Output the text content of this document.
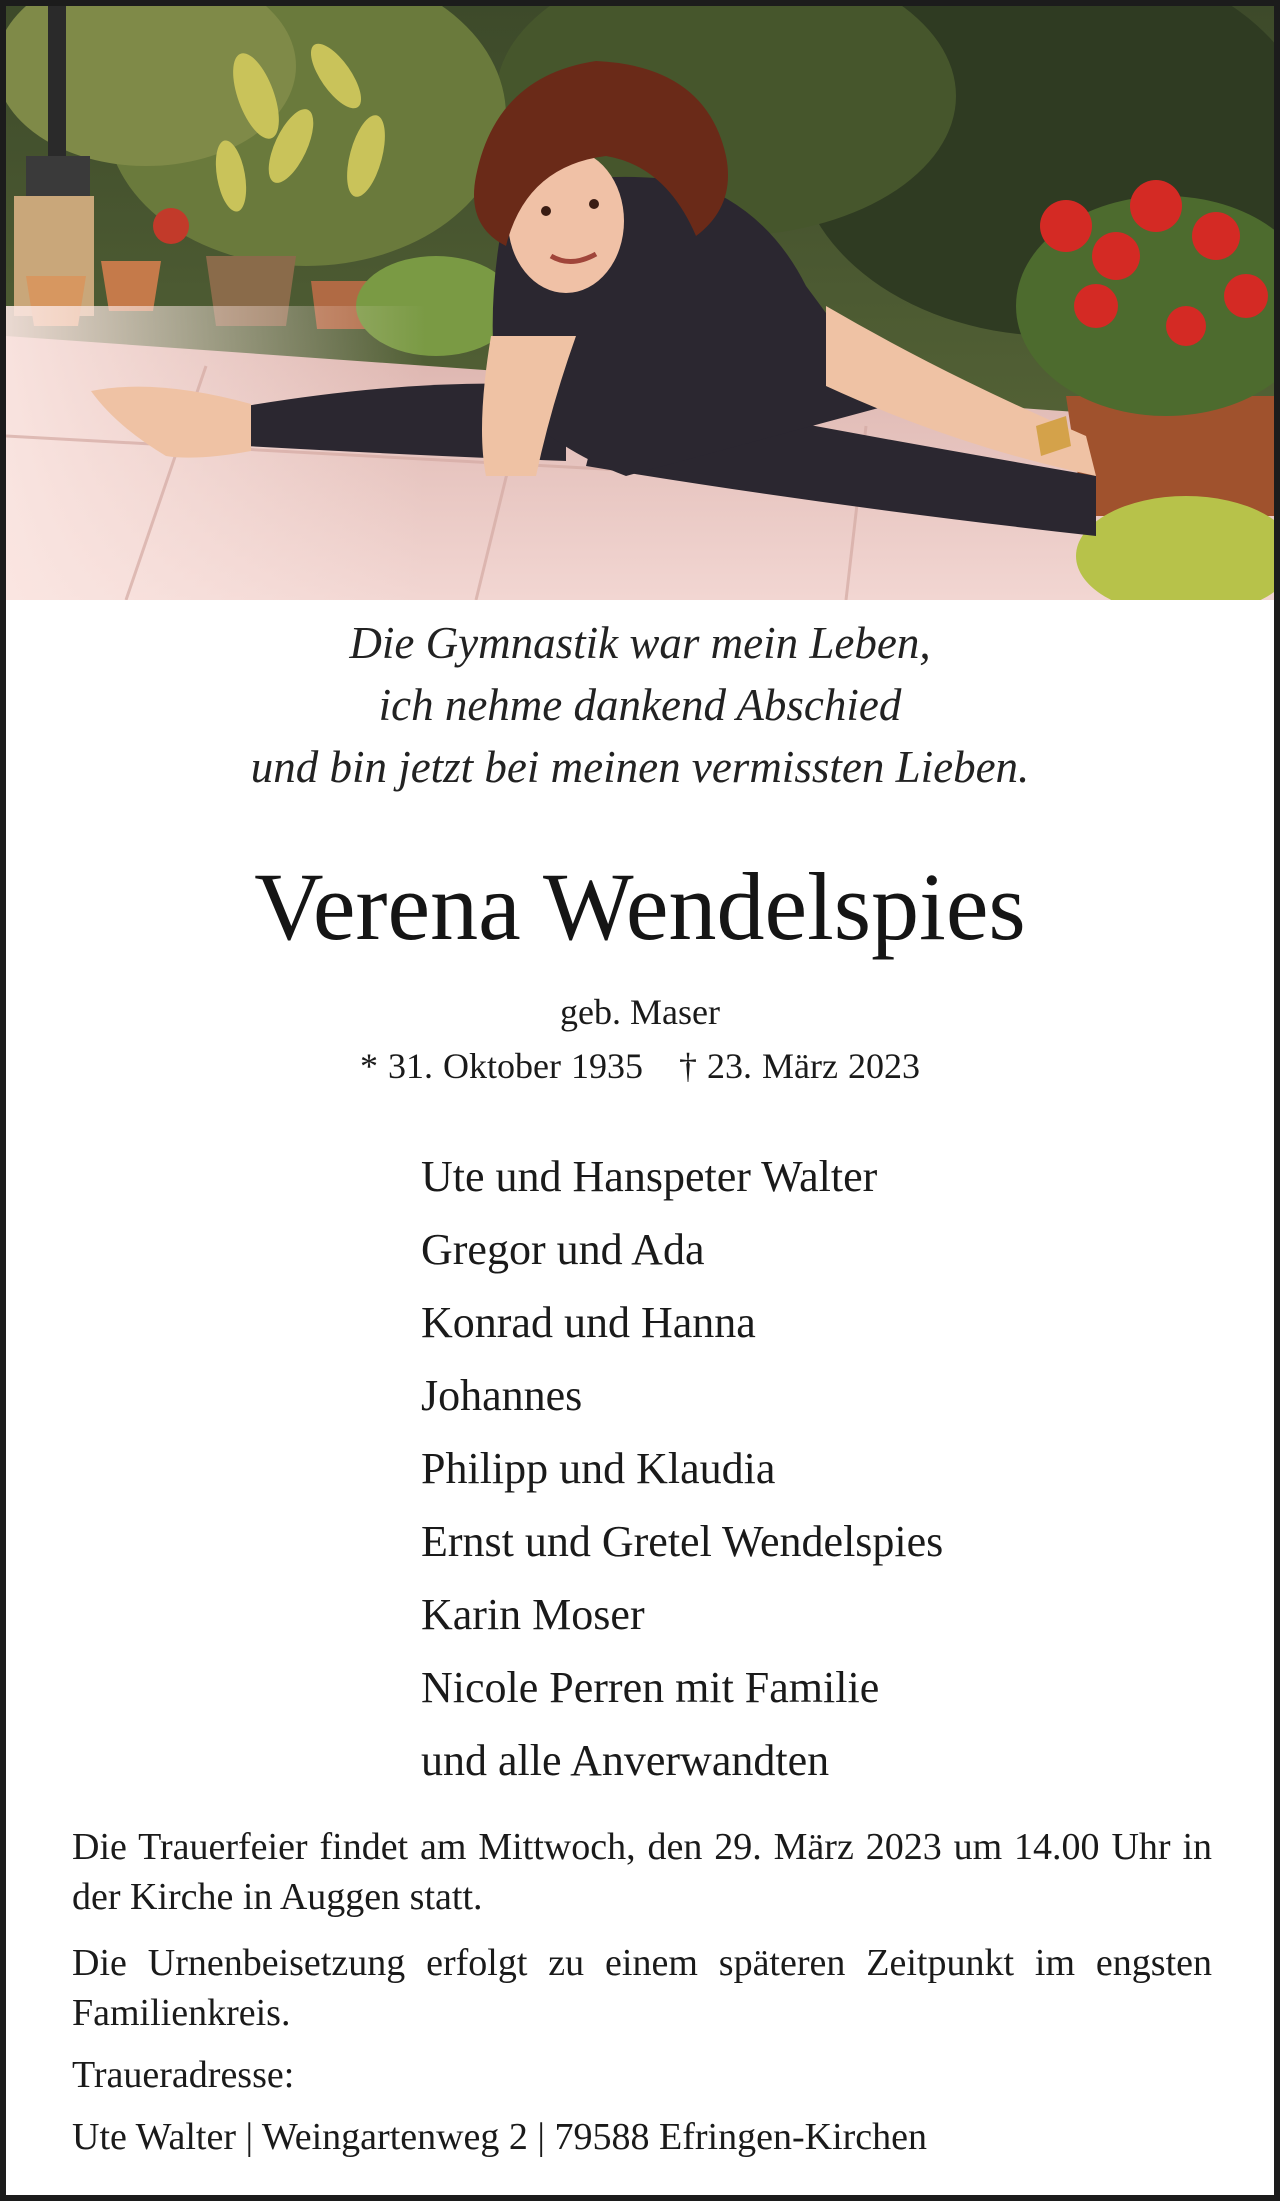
Die Gymnastik war mein Leben,
ich nehme dankend Abschied
und bin jetzt bei meinen vermissten Lieben.
Verena Wendelspies
geb. Maser
* 31. Oktober 1935 † 23. März 2023
Ute und Hanspeter Walter
Gregor und Ada
Konrad und Hanna
Johannes
Philipp und Klaudia
Ernst und Gretel Wendelspies
Karin Moser
Nicole Perren mit Familie
und alle Anverwandten
Die Trauerfeier findet am Mittwoch, den 29. März 2023 um 14.00 Uhr in der Kirche in Auggen statt.
Die Urnenbeisetzung erfolgt zu einem späteren Zeitpunkt im engsten Familienkreis.
Traueradresse:
Ute Walter | Weingartenweg 2 | 79588 Efringen-Kirchen
